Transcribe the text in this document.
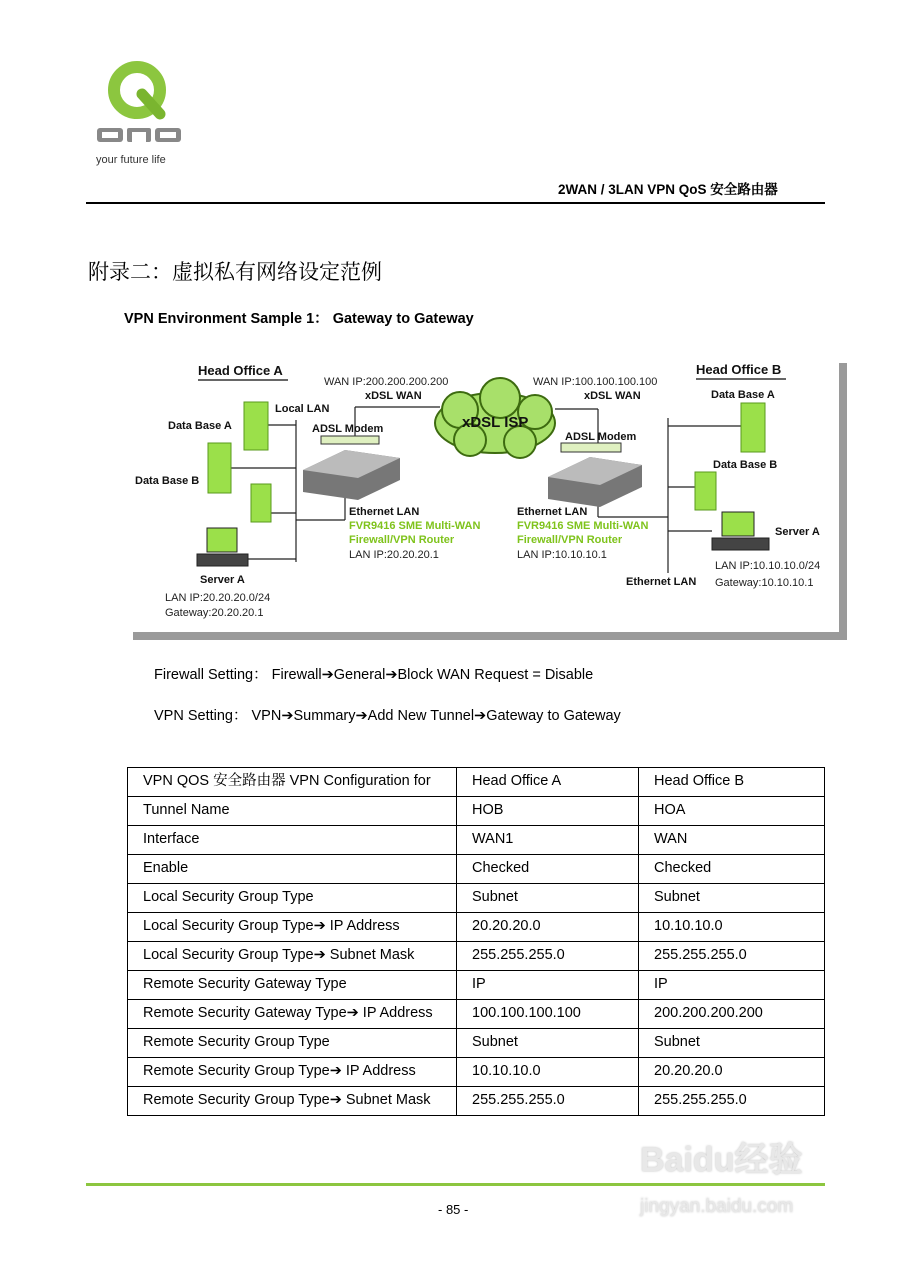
your future life
2WAN / 3LAN VPN QoS 安全路由器
附录二：虚拟私有网络设定范例
VPN Environment Sample 1： Gateway to Gateway
Head Office A	Head Office B
WAN IP:200.200.200.200	WAN IP:100.100.100.100
xDSL WAN	xDSL WAN
xDSL ISP
Local LAN
Data Base A
Data Base B
Data Base A
Data Base B
ADSL Modem
ADSL Modem
Ethernet LAN
FVR9416 SME Multi-WAN
Firewall/VPN Router
LAN IP:20.20.20.1
Ethernet LAN
FVR9416 SME Multi-WAN
Firewall/VPN Router
LAN IP:10.10.10.1
Server A
LAN IP:10.10.10.0/24
Gateway:10.10.10.1
Ethernet LAN
Server A
LAN IP:20.20.20.0/24
Gateway:20.20.20.1
Firewall Setting： Firewall➔General➔Block WAN Request = Disable
VPN Setting： VPN➔Summary➔Add New Tunnel➔Gateway to Gateway
VPN QOS 安全路由器 VPN Configuration for	Head Office A	Head Office B
Tunnel Name	HOB	HOA
Interface	WAN1	WAN
Enable	Checked	Checked
Local Security Group Type	Subnet	Subnet
Local Security Group Type➔ IP Address	20.20.20.0	10.10.10.0
Local Security Group Type➔ Subnet Mask	255.255.255.0	255.255.255.0
Remote Security Gateway Type	IP	IP
Remote Security Gateway Type➔ IP Address	100.100.100.100	200.200.200.200
Remote Security Group Type	Subnet	Subnet
Remote Security Group Type➔ IP Address	10.10.10.0	20.20.20.0
Remote Security Group Type➔ Subnet Mask	255.255.255.0	255.255.255.0
- 85 -
Baidu经验
jingyan.baidu.com
